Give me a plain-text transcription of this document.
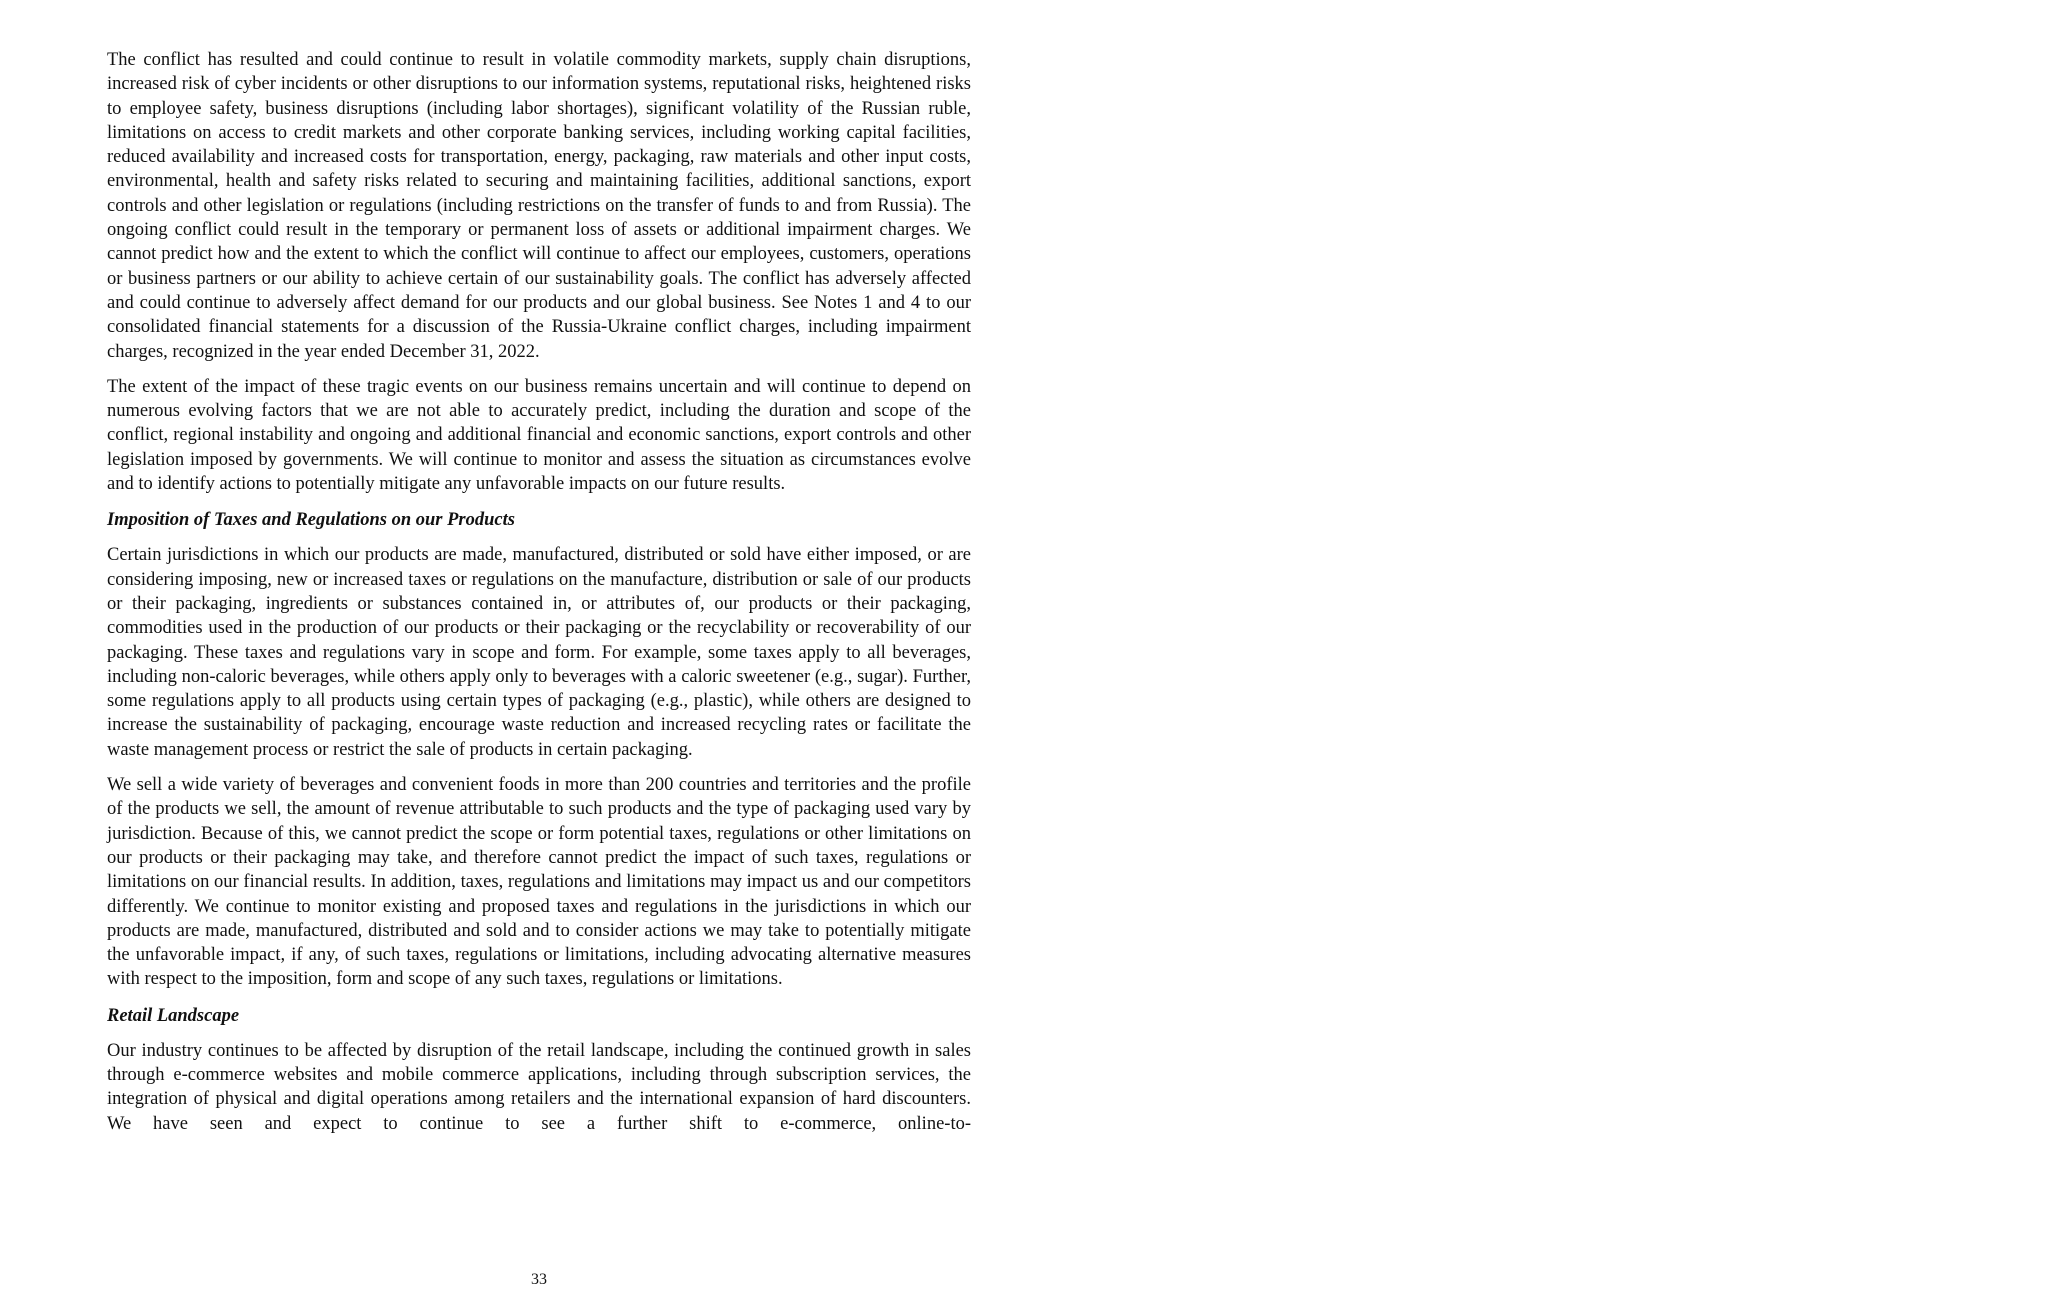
The conflict has resulted and could continue to result in volatile commodity markets, supply chain disruptions, increased risk of cyber incidents or other disruptions to our information systems, reputational risks, heightened risks to employee safety, business disruptions (including labor shortages), significant volatility of the Russian ruble, limitations on access to credit markets and other corporate banking services, including working capital facilities, reduced availability and increased costs for transportation, energy, packaging, raw materials and other input costs, environmental, health and safety risks related to securing and maintaining facilities, additional sanctions, export controls and other legislation or regulations (including restrictions on the transfer of funds to and from Russia). The ongoing conflict could result in the temporary or permanent loss of assets or additional impairment charges. We cannot predict how and the extent to which the conflict will continue to affect our employees, customers, operations or business partners or our ability to achieve certain of our sustainability goals. The conflict has adversely affected and could continue to adversely affect demand for our products and our global business. See Notes 1 and 4 to our consolidated financial statements for a discussion of the Russia-Ukraine conflict charges, including impairment charges, recognized in the year ended December 31, 2022.

The extent of the impact of these tragic events on our business remains uncertain and will continue to depend on numerous evolving factors that we are not able to accurately predict, including the duration and scope of the conflict, regional instability and ongoing and additional financial and economic sanctions, export controls and other legislation imposed by governments. We will continue to monitor and assess the situation as circumstances evolve and to identify actions to potentially mitigate any unfavorable impacts on our future results.

Imposition of Taxes and Regulations on our Products

Certain jurisdictions in which our products are made, manufactured, distributed or sold have either imposed, or are considering imposing, new or increased taxes or regulations on the manufacture, distribution or sale of our products or their packaging, ingredients or substances contained in, or attributes of, our products or their packaging, commodities used in the production of our products or their packaging or the recyclability or recoverability of our packaging. These taxes and regulations vary in scope and form. For example, some taxes apply to all beverages, including non-caloric beverages, while others apply only to beverages with a caloric sweetener (e.g., sugar). Further, some regulations apply to all products using certain types of packaging (e.g., plastic), while others are designed to increase the sustainability of packaging, encourage waste reduction and increased recycling rates or facilitate the waste management process or restrict the sale of products in certain packaging.

We sell a wide variety of beverages and convenient foods in more than 200 countries and territories and the profile of the products we sell, the amount of revenue attributable to such products and the type of packaging used vary by jurisdiction. Because of this, we cannot predict the scope or form potential taxes, regulations or other limitations on our products or their packaging may take, and therefore cannot predict the impact of such taxes, regulations or limitations on our financial results. In addition, taxes, regulations and limitations may impact us and our competitors differently. We continue to monitor existing and proposed taxes and regulations in the jurisdictions in which our products are made, manufactured, distributed and sold and to consider actions we may take to potentially mitigate the unfavorable impact, if any, of such taxes, regulations or limitations, including advocating alternative measures with respect to the imposition, form and scope of any such taxes, regulations or limitations.

Retail Landscape

Our industry continues to be affected by disruption of the retail landscape, including the continued growth in sales through e-commerce websites and mobile commerce applications, including through subscription services, the integration of physical and digital operations among retailers and the international expansion of hard discounters. We have seen and expect to continue to see a further shift to e-commerce, online-to-

33
